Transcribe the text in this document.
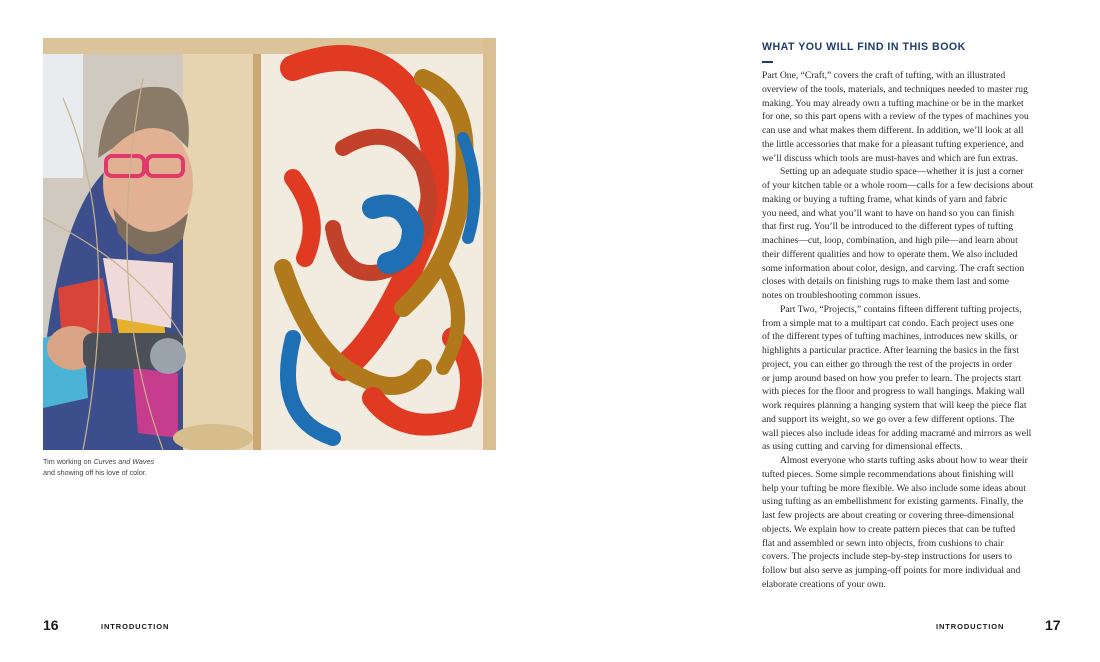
Tim working on Curves and Waves
and showing off his love of color.
16	INTRODUCTION
WHAT YOU WILL FIND IN THIS BOOK
Part One, “Craft,” covers the craft of tufting, with an illustrated
overview of the tools, materials, and techniques needed to master rug
making. You may already own a tufting machine or be in the market
for one, so this part opens with a review of the types of machines you
can use and what makes them different. In addition, we’ll look at all
the little accessories that make for a pleasant tufting experience, and
we’ll discuss which tools are must-haves and which are fun extras.
Setting up an adequate studio space—whether it is just a corner
of your kitchen table or a whole room—calls for a few decisions about
making or buying a tufting frame, what kinds of yarn and fabric
you need, and what you’ll want to have on hand so you can finish
that first rug. You’ll be introduced to the different types of tufting
machines—cut, loop, combination, and high pile—and learn about
their different qualities and how to operate them. We also included
some information about color, design, and carving. The craft section
closes with details on finishing rugs to make them last and some
notes on troubleshooting common issues.
Part Two, “Projects,” contains fifteen different tufting projects,
from a simple mat to a multipart cat condo. Each project uses one
of the different types of tufting machines, introduces new skills, or
highlights a particular practice. After learning the basics in the first
project, you can either go through the rest of the projects in order
or jump around based on how you prefer to learn. The projects start
with pieces for the floor and progress to wall hangings. Making wall
work requires planning a hanging system that will keep the piece flat
and support its weight, so we go over a few different options. The
wall pieces also include ideas for adding macramé and mirrors as well
as using cutting and carving for dimensional effects.
Almost everyone who starts tufting asks about how to wear their
tufted pieces. Some simple recommendations about finishing will
help your tufting be more flexible. We also include some ideas about
using tufting as an embellishment for existing garments. Finally, the
last few projects are about creating or covering three-dimensional
objects. We explain how to create pattern pieces that can be tufted
flat and assembled or sewn into objects, from cushions to chair
covers. The projects include step-by-step instructions for users to
follow but also serve as jumping-off points for more individual and
elaborate creations of your own.
INTRODUCTION	17
